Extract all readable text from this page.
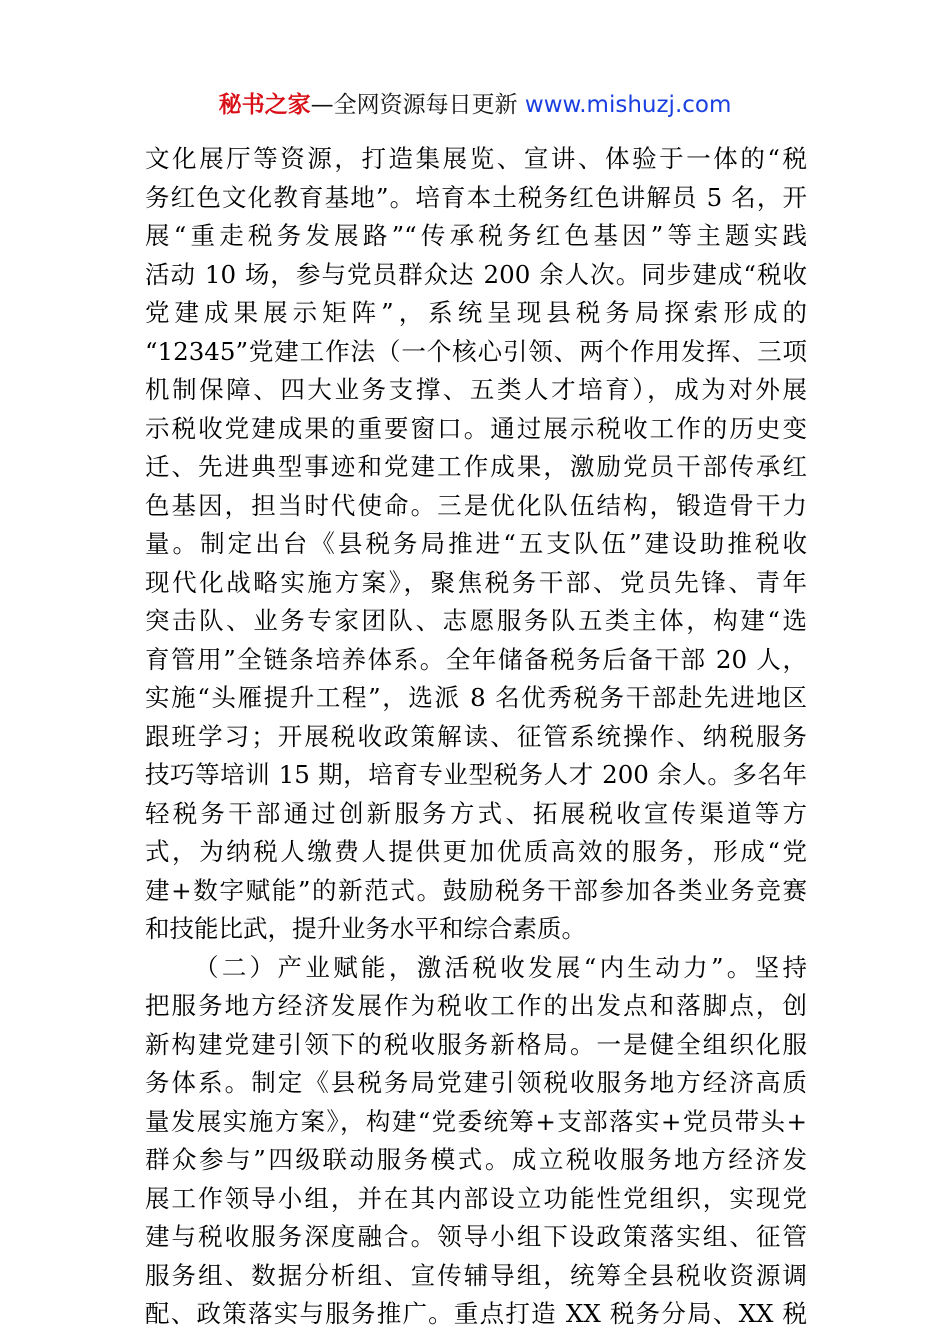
秘书之家—全网资源每日更新 www.mishuzj.com
文化展厅等资源，打造集展览、宣讲、体验于一体的“税
务红色文化教育基地”。培育本土税务红色讲解员 5 名，开
展“重走税务发展路”“传承税务红色基因”等主题实践
活动 10 场，参与党员群众达 200 余人次。同步建成“税收
党建成果展示矩阵”，系统呈现县税务局探索形成的
“12345”党建工作法（一个核心引领、两个作用发挥、三项
机制保障、四大业务支撑、五类人才培育），成为对外展
示税收党建成果的重要窗口。通过展示税收工作的历史变
迁、先进典型事迹和党建工作成果，激励党员干部传承红
色基因，担当时代使命。三是优化队伍结构，锻造骨干力
量。制定出台《县税务局推进“五支队伍”建设助推税收
现代化战略实施方案》，聚焦税务干部、党员先锋、青年
突击队、业务专家团队、志愿服务队五类主体，构建“选
育管用”全链条培养体系。全年储备税务后备干部 20 人，
实施“头雁提升工程”，选派 8 名优秀税务干部赴先进地区
跟班学习；开展税收政策解读、征管系统操作、纳税服务
技巧等培训 15 期，培育专业型税务人才 200 余人。多名年
轻税务干部通过创新服务方式、拓展税收宣传渠道等方
式，为纳税人缴费人提供更加优质高效的服务，形成“党
建+数字赋能”的新范式。鼓励税务干部参加各类业务竞赛
和技能比武，提升业务水平和综合素质。
（二）产业赋能，激活税收发展“内生动力”。坚持
把服务地方经济发展作为税收工作的出发点和落脚点，创
新构建党建引领下的税收服务新格局。一是健全组织化服
务体系。制定《县税务局党建引领税收服务地方经济高质
量发展实施方案》，构建“党委统筹+支部落实+党员带头+
群众参与”四级联动服务模式。成立税收服务地方经济发
展工作领导小组，并在其内部设立功能性党组织，实现党
建与税收服务深度融合。领导小组下设政策落实组、征管
服务组、数据分析组、宣传辅导组，统筹全县税收资源调
配、政策落实与服务推广。重点打造 XX 税务分局、XX 税
